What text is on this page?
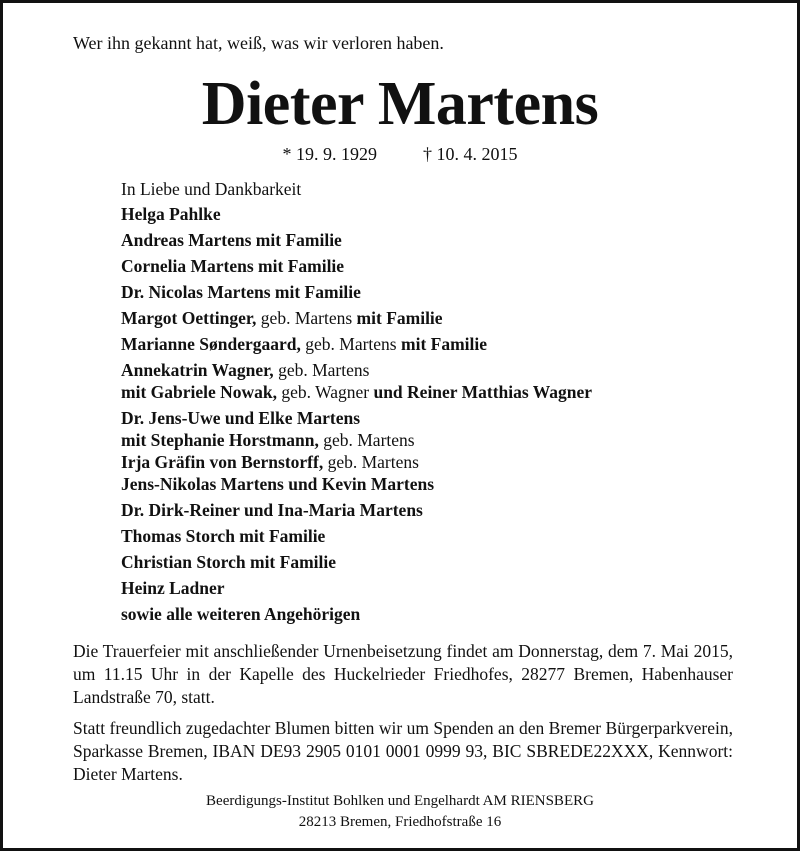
Wer ihn gekannt hat, weiß, was wir verloren haben.
Dieter Martens
* 19. 9. 1929	† 10. 4. 2015
In Liebe und Dankbarkeit
Helga Pahlke
Andreas Martens mit Familie
Cornelia Martens mit Familie
Dr. Nicolas Martens mit Familie
Margot Oettinger, geb. Martens mit Familie
Marianne Søndergaard, geb. Martens mit Familie
Annekatrin Wagner, geb. Martens
mit Gabriele Nowak, geb. Wagner und Reiner Matthias Wagner
Dr. Jens-Uwe und Elke Martens
mit Stephanie Horstmann, geb. Martens
Irja Gräfin von Bernstorff, geb. Martens
Jens-Nikolas Martens und Kevin Martens
Dr. Dirk-Reiner und Ina-Maria Martens
Thomas Storch mit Familie
Christian Storch mit Familie
Heinz Ladner
sowie alle weiteren Angehörigen
Die Trauerfeier mit anschließender Urnenbeisetzung findet am Donnerstag, dem 7. Mai 2015, um 11.15 Uhr in der Kapelle des Huckelrieder Friedhofes, 28277 Bremen, Habenhauser Landstraße 70, statt.
Statt freundlich zugedachter Blumen bitten wir um Spenden an den Bremer Bürgerparkverein, Sparkasse Bremen, IBAN DE93 2905 0101 0001 0999 93, BIC SBREDE22XXX, Kennwort: Dieter Martens.
Beerdigungs-Institut Bohlken und Engelhardt AM RIENSBERG
28213 Bremen, Friedhofstraße 16
